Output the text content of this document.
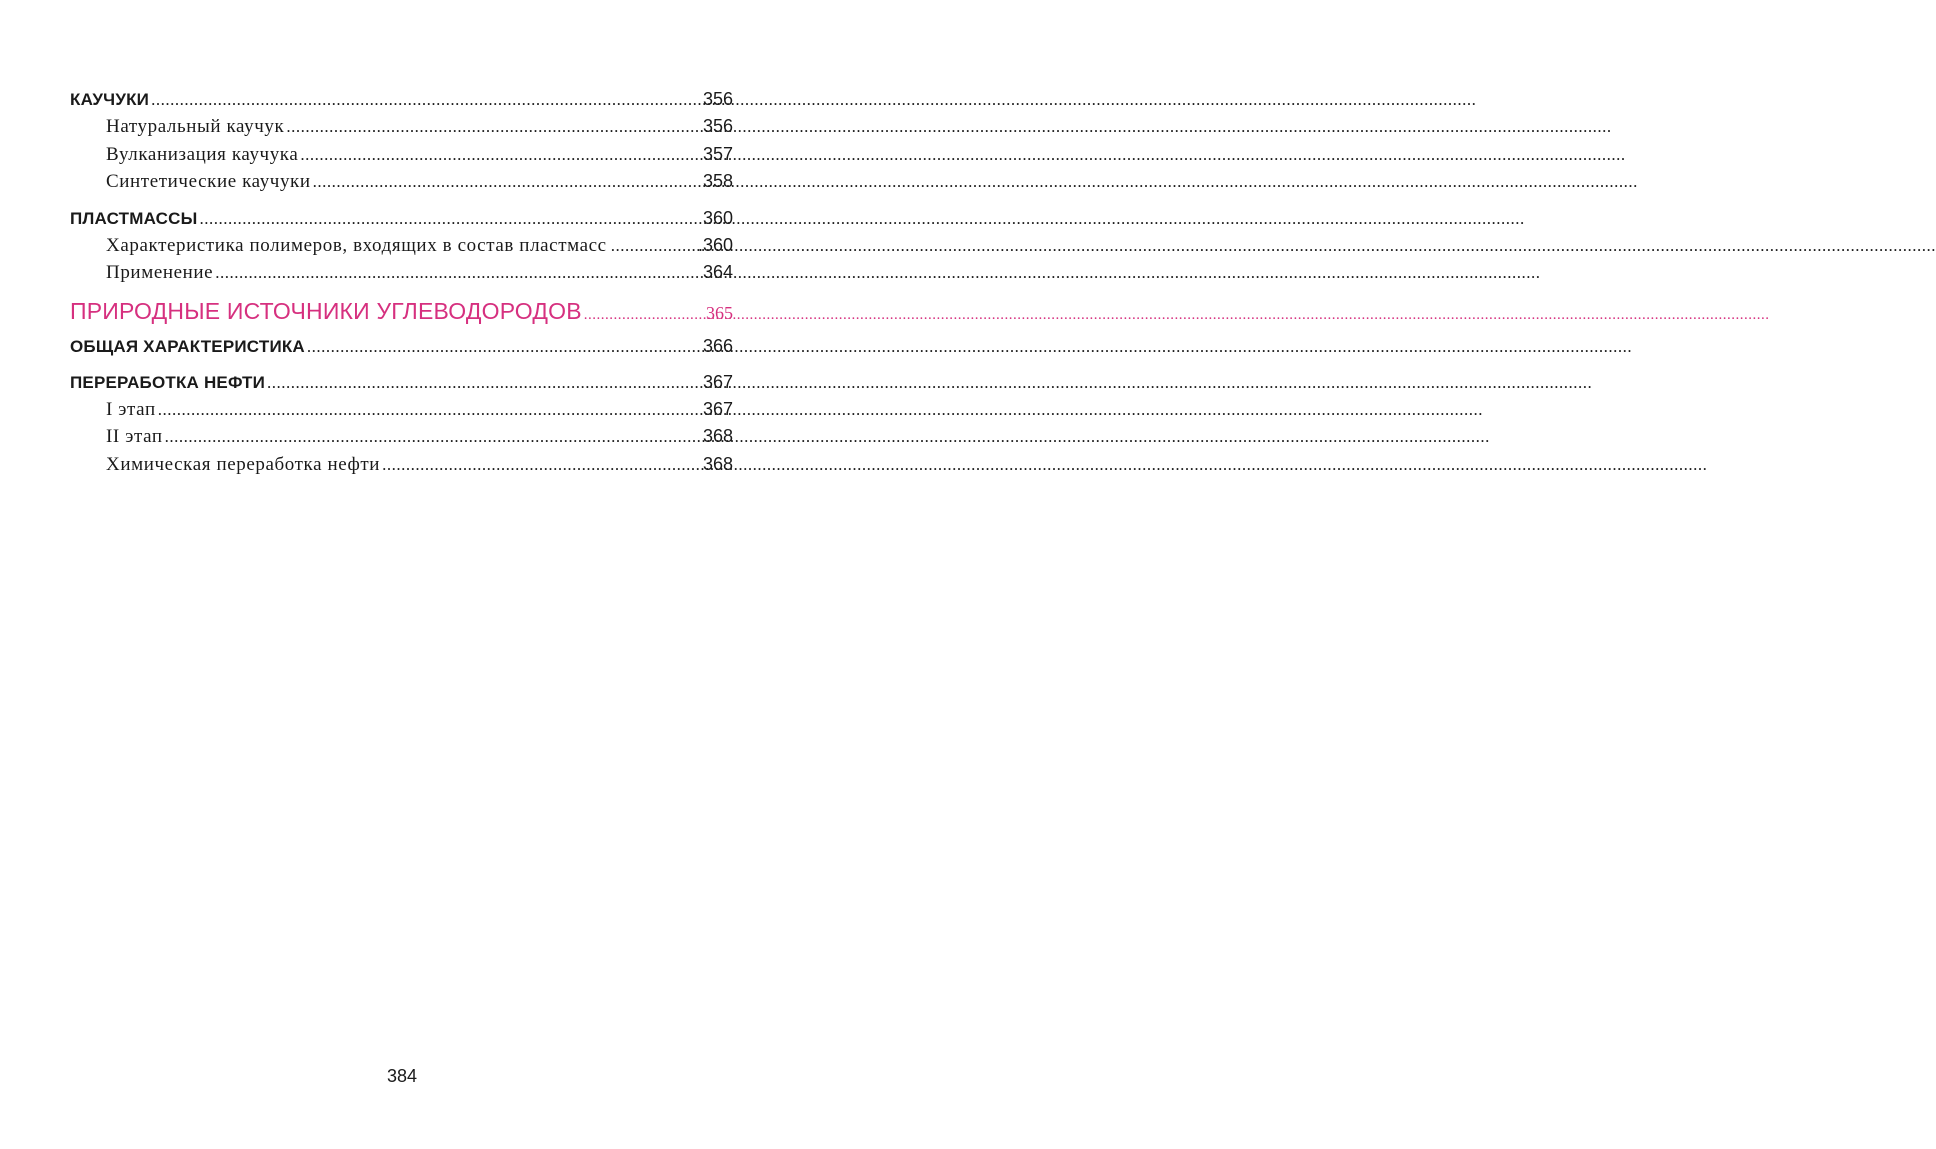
КАУЧУКИ .....	356
Натуральный каучук .....	356
Вулканизация каучука .....	357
Синтетические каучуки .....	358
ПЛАСТМАССЫ .....	360
Характеристика полимеров, входящих в состав пластмасс .....	.360
Применение .....	364
ПРИРОДНЫЕ ИСТОЧНИКИ УГЛЕВОДОРОДОВ .....	365
ОБЩАЯ ХАРАКТЕРИСТИКА .....	366
ПЕРЕРАБОТКА НЕФТИ .....	367
I этап .....	367
II этап .....	368
Химическая переработка нефти .....	368
384
